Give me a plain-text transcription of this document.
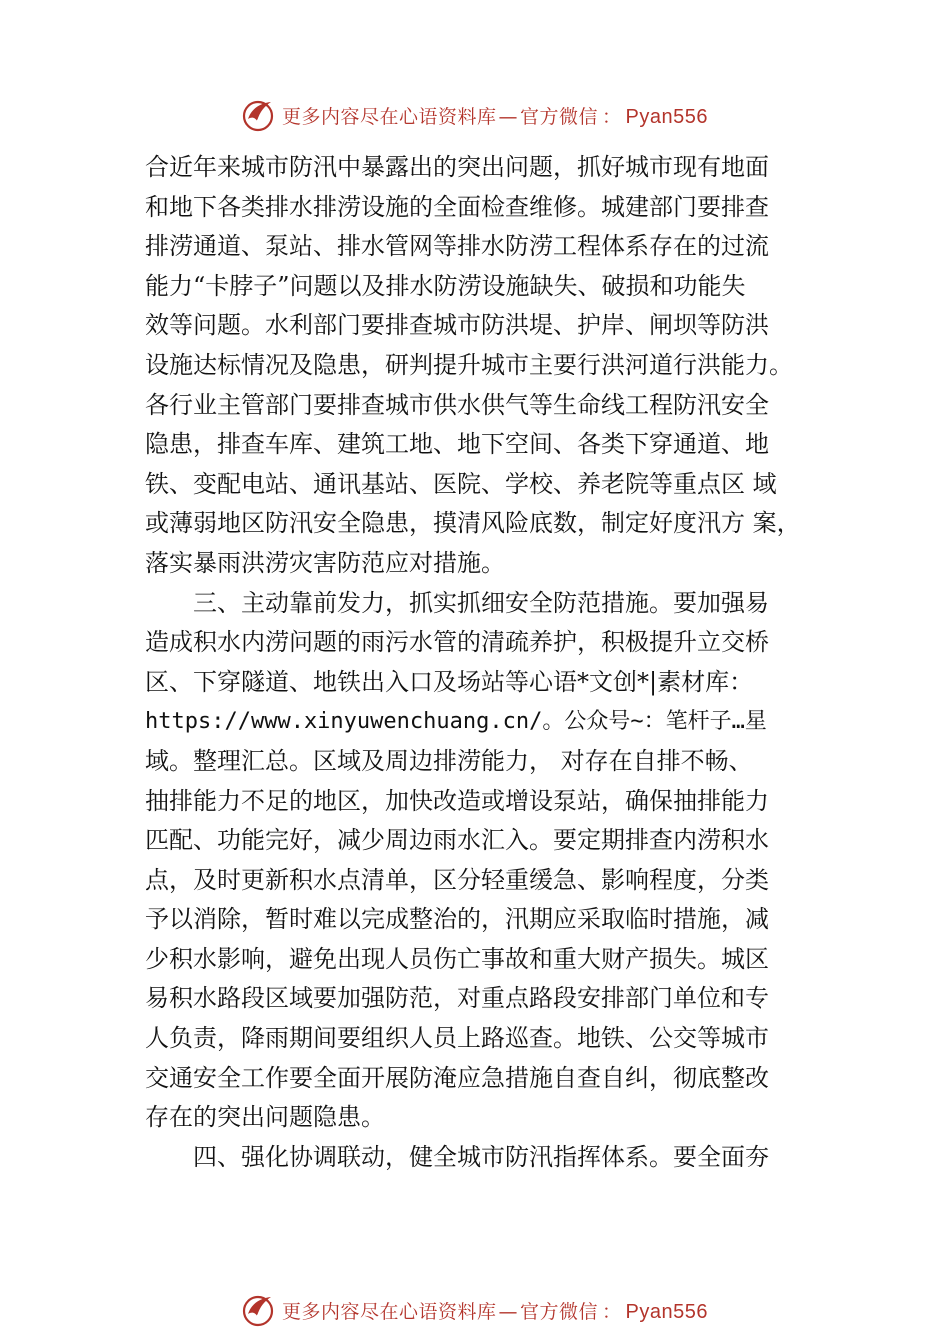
更多内容尽在心语资料库 — 官方微信 ： Pyan556

合近年来城市防汛中暴露出的突出问题，抓好城市现有地面
和地下各类排水排涝设施的全面检查维修。城建部门要排查
排涝通道、泵站、排水管网等排水防涝工程体系存在的过流
能力“卡脖子”问题以及排水防涝设施缺失、破损和功能失
效等问题。水利部门要排查城市防洪堤、护岸、闸坝等防洪
设施达标情况及隐患，研判提升城市主要行洪河道行洪能力。
各行业主管部门要排查城市供水供气等生命线工程防汛安全
隐患，排查车库、建筑工地、地下空间、各类下穿通道、地
铁、变配电站、通讯基站、医院、学校、养老院等重点区 域
或薄弱地区防汛安全隐患，摸清风险底数，制定好度汛方 案，
落实暴雨洪涝灾害防范应对措施。

三、主动靠前发力，抓实抓细安全防范措施。要加强易
造成积水内涝问题的雨污水管的清疏养护，积极提升立交桥
区、下穿隧道、地铁出入口及场站等心语*文创*|素材库：
https://www.xinyuwenchuang.cn/。公众号~：笔杆子…星
域。整理汇总。区域及周边排涝能力， 对存在自排不畅、
抽排能力不足的地区，加快改造或增设泵站，确保抽排能力
匹配、功能完好，减少周边雨水汇入。要定期排查内涝积水
点，及时更新积水点清单，区分轻重缓急、影响程度，分类
予以消除，暂时难以完成整治的，汛期应采取临时措施，减
少积水影响，避免出现人员伤亡事故和重大财产损失。城区
易积水路段区域要加强防范，对重点路段安排部门单位和专
人负责，降雨期间要组织人员上路巡查。地铁、公交等城市
交通安全工作要全面开展防淹应急措施自查自纠，彻底整改
存在的突出问题隐患。

四、强化协调联动，健全城市防汛指挥体系。要全面夯

更多内容尽在心语资料库 — 官方微信 ： Pyan556
